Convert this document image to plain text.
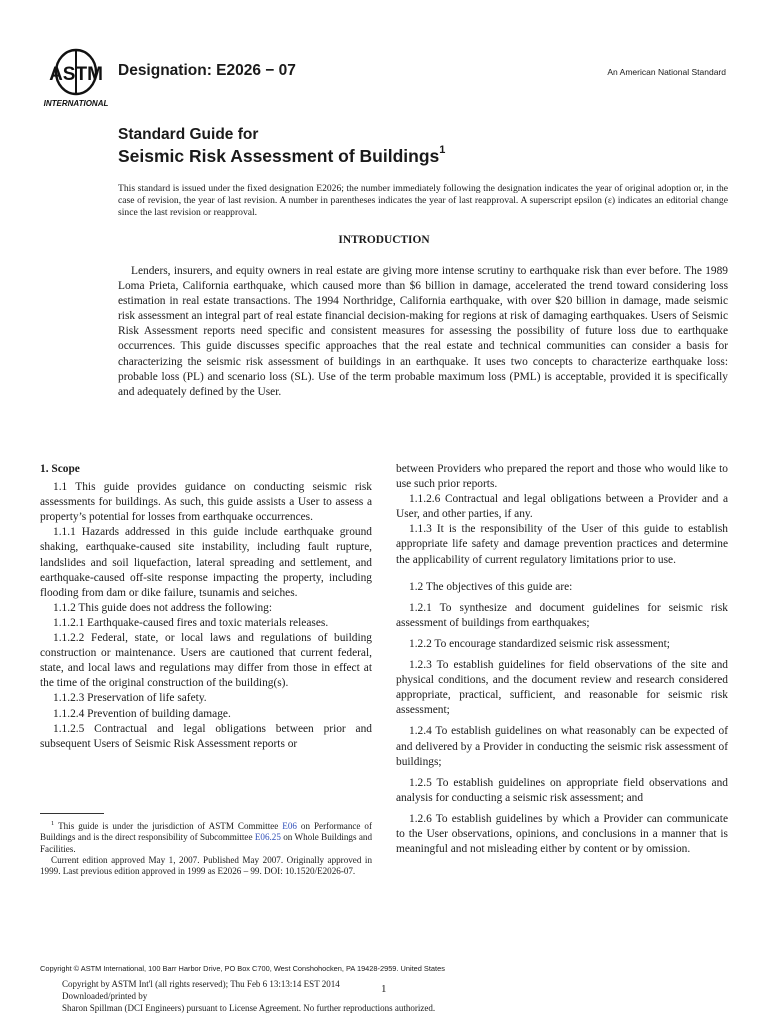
ASTM
INTERNATIONAL
Designation: E2026 − 07	An American National Standard
Standard Guide for
Seismic Risk Assessment of Buildings$^1$
This standard is issued under the fixed designation E2026; the number immediately following the designation indicates the year of original adoption or, in the case of revision, the year of last revision. A number in parentheses indicates the year of last reapproval. A superscript epsilon (ε) indicates an editorial change since the last revision or reapproval.
INTRODUCTION

Lenders, insurers, and equity owners in real estate are giving more intense scrutiny to earthquake risk than ever before. The 1989 Loma Prieta, California earthquake, which caused more than $6 billion in damage, accelerated the trend toward considering loss estimation in real estate transactions. The 1994 Northridge, California earthquake, with over $20 billion in damage, made seismic risk assessment an integral part of real estate financial decision-making for regions at risk of damaging earthquakes. Users of Seismic Risk Assessment reports need specific and consistent measures for assessing the possibility of future loss due to earthquake occurrences. This guide discusses specific approaches that the real estate and technical communities can consider a basis for characterizing the seismic risk assessment of buildings in an earthquake. It uses two concepts to characterize earthquake loss: probable loss (PL) and scenario loss (SL). Use of the term probable maximum loss (PML) is acceptable, provided it is specifically and adequately defined by the User.

1. Scope

1.1 This guide provides guidance on conducting seismic risk assessments for buildings. As such, this guide assists a User to assess a property’s potential for losses from earthquake occurrences.

1.1.1 Hazards addressed in this guide include earthquake ground shaking, earthquake-caused site instability, including fault rupture, landslides and soil liquefaction, lateral spreading and settlement, and earthquake-caused off-site response impacting the property, including flooding from dam or dike failure, tsunamis and seiches.

1.1.2 This guide does not address the following:

1.1.2.1 Earthquake-caused fires and toxic materials releases.

1.1.2.2 Federal, state, or local laws and regulations of building construction or maintenance. Users are cautioned that current federal, state, and local laws and regulations may differ from those in effect at the time of the original construction of the building(s).

1.1.2.3 Preservation of life safety.

1.1.2.4 Prevention of building damage.

1.1.2.5 Contractual and legal obligations between prior and subsequent Users of Seismic Risk Assessment reports or

between Providers who prepared the report and those who would like to use such prior reports.

1.1.2.6 Contractual and legal obligations between a Provider and a User, and other parties, if any.

1.1.3 It is the responsibility of the User of this guide to establish appropriate life safety and damage prevention practices and determine the applicability of current regulatory limitations prior to use.

1.2 The objectives of this guide are:

1.2.1 To synthesize and document guidelines for seismic risk assessment of buildings from earthquakes;

1.2.2 To encourage standardized seismic risk assessment;

1.2.3 To establish guidelines for field observations of the site and physical conditions, and the document review and research considered appropriate, practical, sufficient, and reasonable for seismic risk assessment;

1.2.4 To establish guidelines on what reasonably can be expected of and delivered by a Provider in conducting the seismic risk assessment of buildings;

1.2.5 To establish guidelines on appropriate field observations and analysis for conducting a seismic risk assessment; and

1.2.6 To establish guidelines by which a Provider can communicate to the User observations, opinions, and conclusions in a manner that is meaningful and not misleading either by content or by omission.

$^1$ This guide is under the jurisdiction of ASTM Committee E06 on Performance of Buildings and is the direct responsibility of Subcommittee E06.25 on Whole Buildings and Facilities.

Current edition approved May 1, 2007. Published May 2007. Originally approved in 1999. Last previous edition approved in 1999 as E2026 – 99. DOI: 10.1520/E2026-07.

Copyright © ASTM International, 100 Barr Harbor Drive, PO Box C700, West Conshohocken, PA 19428-2959. United States
Copyright by ASTM Int'l (all rights reserved); Thu Feb 6 13:13:14 EST 2014
Downloaded/printed by
Sharon Spillman (DCI Engineers) pursuant to License Agreement. No further reproductions authorized.
1
